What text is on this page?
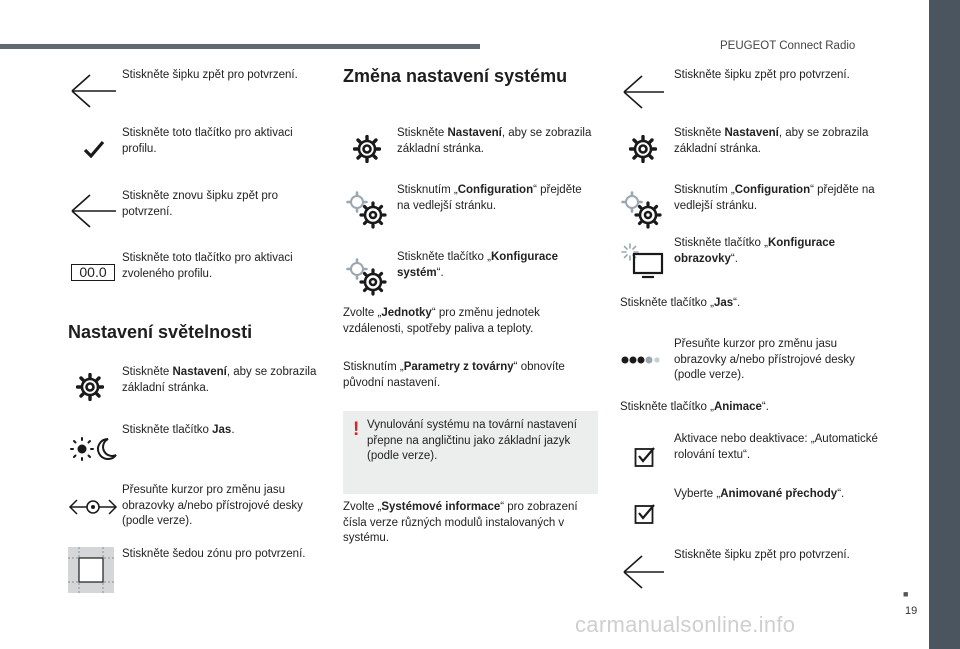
PEUGEOT Connect Radio
■
19
Stiskněte šipku zpět pro potvrzení.
Stiskněte toto tlačítko pro aktivaci profilu.
Stiskněte znovu šipku zpět pro potvrzení.
00.0
Stiskněte toto tlačítko pro aktivaci zvoleného profilu.
Nastavení světelnosti
Stiskněte Nastavení, aby se zobrazila základní stránka.
Stiskněte tlačítko Jas.
Přesuňte kurzor pro změnu jasu obrazovky a/nebo přístrojové desky (podle verze).
Stiskněte šedou zónu pro potvrzení.
Změna nastavení systému
Stiskněte Nastavení, aby se zobrazila základní stránka.
Stisknutím „Configuration“ přejděte na vedlejší stránku.
Stiskněte tlačítko „Konfigurace systém“.
Zvolte „Jednotky“ pro změnu jednotek vzdálenosti, spotřeby paliva a teploty.
Stisknutím „Parametry z továrny“ obnovíte původní nastavení.
! Vynulování systému na tovární nastavení přepne na angličtinu jako základní jazyk (podle verze).
Zvolte „Systémové informace“ pro zobrazení čísla verze různých modulů instalovaných v systému.
Stiskněte šipku zpět pro potvrzení.
Stiskněte Nastavení, aby se zobrazila základní stránka.
Stisknutím „Configuration“ přejděte na vedlejší stránku.
Stiskněte tlačítko „Konfigurace obrazovky“.
Stiskněte tlačítko „Jas“.
Přesuňte kurzor pro změnu jasu obrazovky a/nebo přístrojové desky (podle verze).
Stiskněte tlačítko „Animace“.
Aktivace nebo deaktivace: „Automatické rolování textu“.
Vyberte „Animované přechody“.
Stiskněte šipku zpět pro potvrzení.
carmanualsonline.info
